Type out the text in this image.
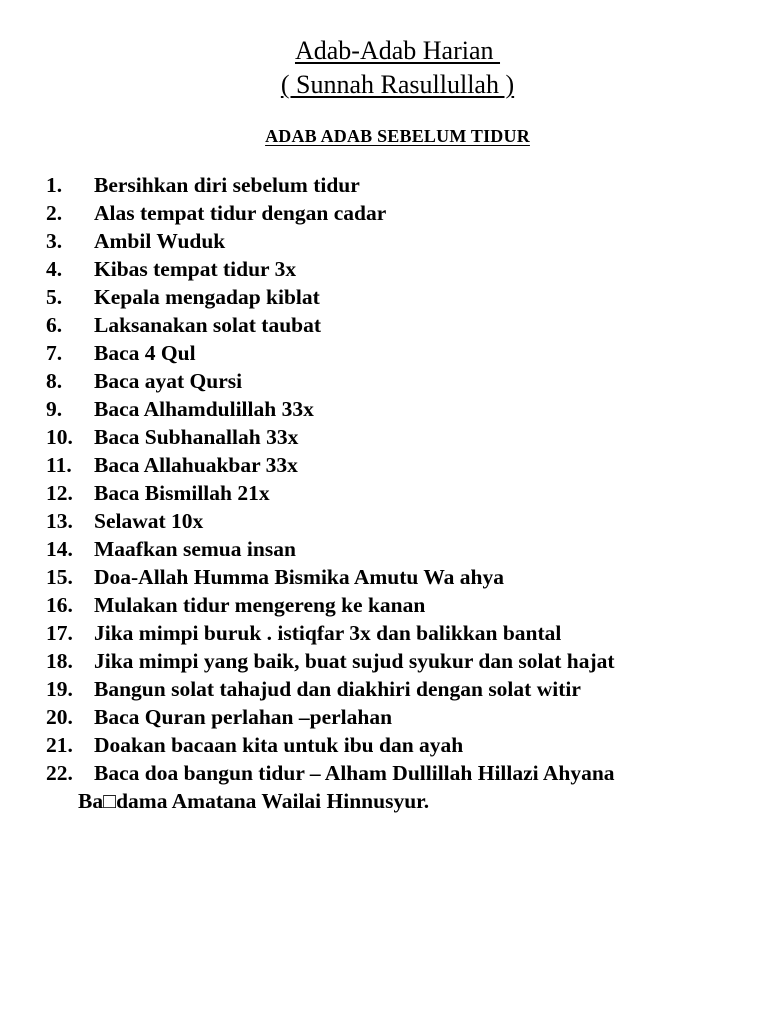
Adab-Adab Harian
( Sunnah Rasullullah )
ADAB ADAB SEBELUM TIDUR
1. Bersihkan diri sebelum tidur
2. Alas tempat tidur dengan cadar
3. Ambil Wuduk
4. Kibas tempat tidur 3x
5. Kepala mengadap kiblat
6. Laksanakan solat taubat
7. Baca 4 Qul
8. Baca ayat Qursi
9. Baca Alhamdulillah 33x
10. Baca Subhanallah 33x
11. Baca Allahuakbar 33x
12. Baca Bismillah 21x
13. Selawat 10x
14. Maafkan semua insan
15. Doa-Allah Humma Bismika Amutu Wa ahya
16. Mulakan tidur mengereng ke kanan
17. Jika mimpi buruk . istiqfar 3x dan balikkan bantal
18. Jika mimpi yang baik, buat sujud syukur dan solat hajat
19. Bangun solat tahajud dan diakhiri dengan solat witir
20. Baca Quran perlahan –perlahan
21. Doakan bacaan kita untuk ibu dan ayah
22. Baca doa bangun tidur – Alham Dullillah Hillazi Ahyana
Ba□dama Amatana Wailai Hinnusyur.
